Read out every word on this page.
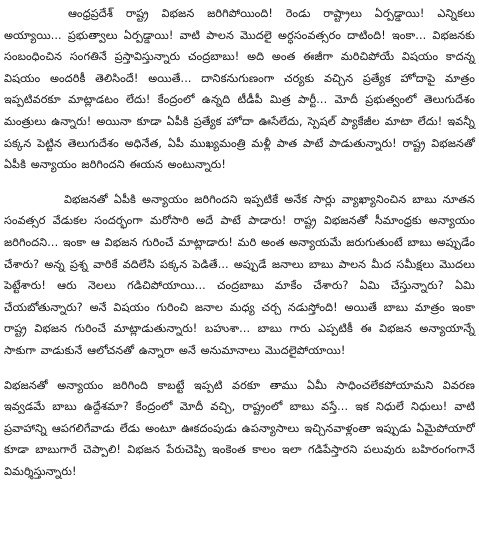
ఆంధ్రప్రదేశ్ రాష్ట్ర విభజన జరిగిపోయింది! రెండు రాష్ట్రాలు ఏర్పడ్డాయి! ఎన్నికలు అయ్యాయి... ప్రభుత్వాలు ఏర్పడ్డాయి! వాటి పాలన మొదలై అర్ధసంవత్సరం దాటింది! ఇంకా... విభజనకు సంబంధించిన సంగతినే ప్రస్తావిస్తున్నారు చంద్రబాబు! అది అంత ఈజీగా మరిచిపోయే విషయం కాదన్న విషయం అందరికీ తెలిసిందే! అయితే... దానికనుగుణంగా చర్యకు వచ్చిన ప్రత్యేక హోదాపై మాత్రం ఇప్పటివరకూ మాట్లాడటం లేదు! కేంద్రంలో ఉన్నది టీడీపీ మిత్ర పార్టీ... మోదీ ప్రభుత్వంలో తెలుగుదేశం మంత్రులు ఉన్నారు! అయినా కూడా ఏపీకి ప్రత్యేక హోదా ఊసేలేదు, స్పెషల్ ప్యాకేజీల మాటా లేదు! ఇవన్నీ పక్కన పెట్టిన తెలుగుదేశం అధినేత, ఏపీ ముఖ్యమంత్రి మళ్లీ పాత పాటే పాడుతున్నారు! రాష్ట్ర విభజనతో ఏపీకి అన్యాయం జరిగిందని ఈయన అంటున్నారు!

విభజనతో ఏపీకి అన్యాయం జరిగిందని ఇప్పటికే అనేక సార్లు వ్యాఖ్యానించిన బాబు నూతన సంవత్సర వేడుకల సందర్భంగా మరోసారి అదే పాటే పాడారు! రాష్ట్ర విభజనతో సీమాంధ్రకు అన్యాయం జరిగిందని... ఇంకా ఆ విభజన గురించే మాట్లాడారు! మరి అంత అన్యాయమే జరుగుతుంటే బాబు అప్పుడేం చేశారు? అన్న ప్రశ్న వారికే వదిలేసి పక్కన పెడితే... అప్పుడే జనాలు బాబు పాలన మీద సమీక్షలు మొదలు పెట్టేశారు! ఆరు నెలలు గడిచిపోయాయి... చంద్రబాబు మాకేం చేశారు? ఏమి చేస్తున్నారు? ఏమి చేయబోతున్నారు? అనే విషయం గురించి జనాల మధ్య చర్చ నడుస్తోంది! అయితే బాబు మాత్రం ఇంకా రాష్ట్ర విభజన గురించే మాట్లాడుతున్నారు! బహుశా... బాబు గారు ఎప్పటికీ ఈ విభజన అన్యాయాన్నే సాకుగా వాడుకునే ఆలోచనతో ఉన్నారా అనే అనుమానాలు మొదలైపోయాయి!

విభజనతో అన్యాయం జరిగింది కాబట్టే ఇప్పటి వరకూ తాము ఏమీ సాధించలేకపోయామని వివరణ ఇవ్వడమే బాబు ఉద్దేశమా? కేంద్రంలో మోదీ వచ్చి, రాష్ట్రంలో బాబు వస్తే... ఇక నిధులే నిధులు! వాటి ప్రవాహాన్ని ఆపగలిగేవాడు లేడు అంటూ ఊకదంపుడు ఉపన్యాసాలు ఇచ్చినవాళ్లంతా ఇప్పుడు ఏమైపోయారో కూడా బాబుగారే చెప్పాలి! విభజన పేరుచెప్పి ఇంకెంత కాలం ఇలా గడిపేస్తారని పలువురు బహిరంగంగానే విమర్శిస్తున్నారు!
